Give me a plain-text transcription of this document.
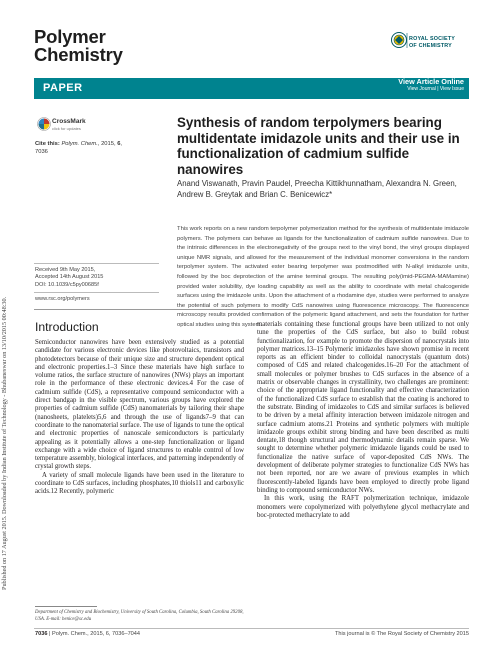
Published on 17 August 2015. Downloaded by Indian Institute of Technology - Bhubaneswar on 13/10/2015 00:48:30.
Polymer
Chemistry
ROYAL SOCIETY
OF CHEMISTRY
PAPER
View Article Online
View Journal | View Issue
CrossMark
click for updates
Cite this: Polym. Chem., 2015, 6, 7036
Synthesis of random terpolymers bearing multidentate imidazole units and their use in functionalization of cadmium sulfide nanowires
Anand Viswanath, Pravin Paudel, Preecha Kittikhunnatham, Alexandra N. Green, Andrew B. Greytak and Brian C. Benicewicz*
This work reports on a new random terpolymer polymerization method for the synthesis of multidentate imidazole polymers. The polymers can behave as ligands for the functionalization of cadmium sulfide nanowires. Due to the intrinsic differences in the electronegativity of the groups next to the vinyl bond, the vinyl groups displayed unique NMR signals, and allowed for the measurement of the individual monomer conversions in the random terpolymer system. The activated ester bearing terpolymer was postmodified with N-alkyl imidazole units, followed by the boc deprotection of the amine terminal groups. The resulting poly(imid-PEGMA-MAMamine) provided water solubility, dye loading capability as well as the ability to coordinate with metal chalcogenide surfaces using the imidazole units. Upon the attachment of a rhodamine dye, studies were performed to analyze the potential of such polymers to modify CdS nanowires using fluorescence microscopy. The fluorescence microscopy results provided confirmation of the polymeric ligand attachment, and sets the foundation for further optical studies using this system.
Received 9th May 2015,
Accepted 14th August 2015
DOI: 10.1039/c5py00685f
www.rsc.org/polymers
Introduction

Semiconductor nanowires have been extensively studied as a potential candidate for various electronic devices like photovoltaics, transistors and photodetectors because of their unique size and structure dependent optical and electronic properties.1–3 Since these materials have high surface to volume ratios, the surface structure of nanowires (NWs) plays an important role in the performance of these electronic devices.4 For the case of cadmium sulfide (CdS), a representative compound semiconductor with a direct bandgap in the visible spectrum, various groups have explored the properties of cadmium sulfide (CdS) nanomaterials by tailoring their shape (nanosheets, platelets)5,6 and through the use of ligands7–9 that can coordinate to the nanomaterial surface. The use of ligands to tune the optical and electronic properties of nanoscale semiconductors is particularly appealing as it potentially allows a one-step functionalization or ligand exchange with a wide choice of ligand structures to enable control of low temperature assembly, biological interfaces, and patterning independently of crystal growth steps.

A variety of small molecule ligands have been used in the literature to coordinate to CdS surfaces, including phosphates,10 thiols11 and carboxylic acids.12 Recently, polymeric

materials containing these functional groups have been utilized to not only tune the properties of the CdS surface, but also to build robust functionalization, for example to promote the dispersion of nanocrystals into polymer matrices.13–15 Polymeric imidazoles have shown promise in recent reports as an efficient binder to colloidal nanocrystals (quantum dots) composed of CdS and related chalcogenides.16–20 For the attachment of small molecules or polymer brushes to CdS surfaces in the absence of a matrix or observable changes in crystallinity, two challenges are prominent: choice of the appropriate ligand functionality and effective characterization of the functionalized CdS surface to establish that the coating is anchored to the substrate. Binding of imidazoles to CdS and similar surfaces is believed to be driven by a metal affinity interaction between imidazole nitrogen and surface cadmium atoms.21 Proteins and synthetic polymers with multiple imidazole groups exhibit strong binding and have been described as multi dentate,18 though structural and thermodynamic details remain sparse. We sought to determine whether polymeric imidazole ligands could be used to functionalize the native surface of vapor-deposited CdS NWs. The development of deliberate polymer strategies to functionalize CdS NWs has not been reported, nor are we aware of previous examples in which fluorescently-labeled ligands have been employed to directly probe ligand binding to compound semiconductor NWs.

In this work, using the RAFT polymerization technique, imidazole monomers were copolymerized with polyethylene glycol methacrylate and boc-protected methacrylate to add

Department of Chemistry and Biochemistry, University of South Carolina, Columbia, South Carolina 29208, USA. E-mail: benice@sc.edu
7036 | Polym. Chem., 2015, 6, 7036–7044	This journal is © The Royal Society of Chemistry 2015
